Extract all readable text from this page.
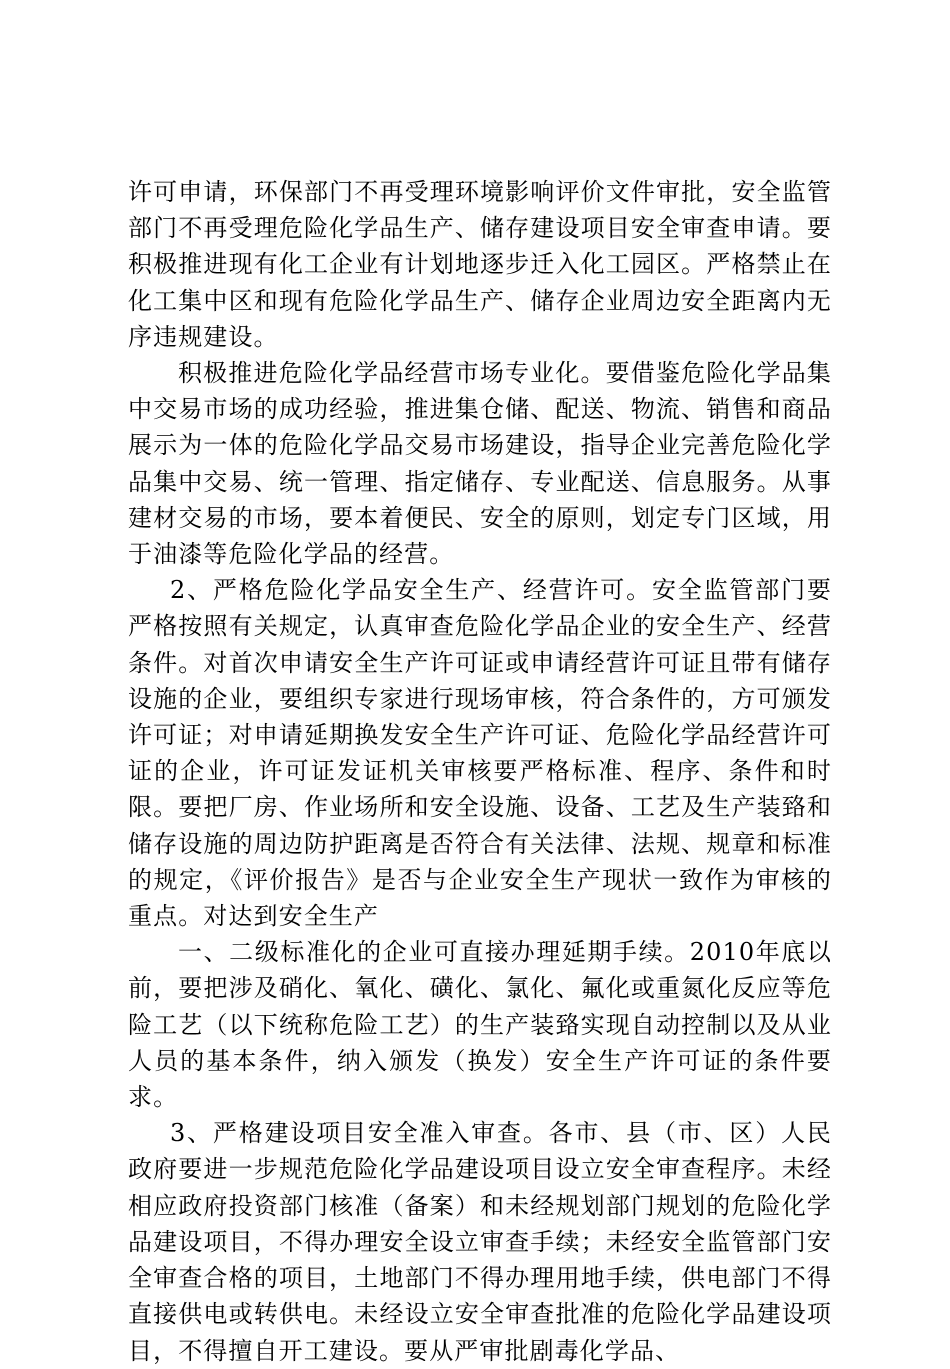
许可申请，环保部门不再受理环境影响评价文件审批，安全监管部门不再受理危险化学品生产、储存建设项目安全审查申请。要积极推进现有化工企业有计划地逐步迁入化工园区。严格禁止在化工集中区和现有危险化学品生产、储存企业周边安全距离内无序违规建设。

积极推进危险化学品经营市场专业化。要借鉴危险化学品集中交易市场的成功经验，推进集仓储、配送、物流、销售和商品展示为一体的危险化学品交易市场建设，指导企业完善危险化学品集中交易、统一管理、指定储存、专业配送、信息服务。从事建材交易的市场，要本着便民、安全的原则，划定专门区域，用于油漆等危险化学品的经营。

2、严格危险化学品安全生产、经营许可。安全监管部门要严格按照有关规定，认真审查危险化学品企业的安全生产、经营条件。对首次申请安全生产许可证或申请经营许可证且带有储存设施的企业，要组织专家进行现场审核，符合条件的，方可颁发许可证；对申请延期换发安全生产许可证、危险化学品经营许可证的企业，许可证发证机关审核要严格标准、程序、条件和时限。要把厂房、作业场所和安全设施、设备、工艺及生产装臵和储存设施的周边防护距离是否符合有关法律、法规、规章和标准的规定，《评价报告》是否与企业安全生产现状一致作为审核的重点。对达到安全生产

一、二级标准化的企业可直接办理延期手续。2010年底以前，要把涉及硝化、氧化、磺化、氯化、氟化或重氮化反应等危险工艺（以下统称危险工艺）的生产装臵实现自动控制以及从业人员的基本条件，纳入颁发（换发）安全生产许可证的条件要求。

3、严格建设项目安全准入审查。各市、县（市、区）人民政府要进一步规范危险化学品建设项目设立安全审查程序。未经相应政府投资部门核准（备案）和未经规划部门规划的危险化学品建设项目，不得办理安全设立审查手续；未经安全监管部门安全审查合格的项目，土地部门不得办理用地手续，供电部门不得直接供电或转供电。未经设立安全审查批准的危险化学品建设项目，不得擅自开工建设。要从严审批剧毒化学品、
